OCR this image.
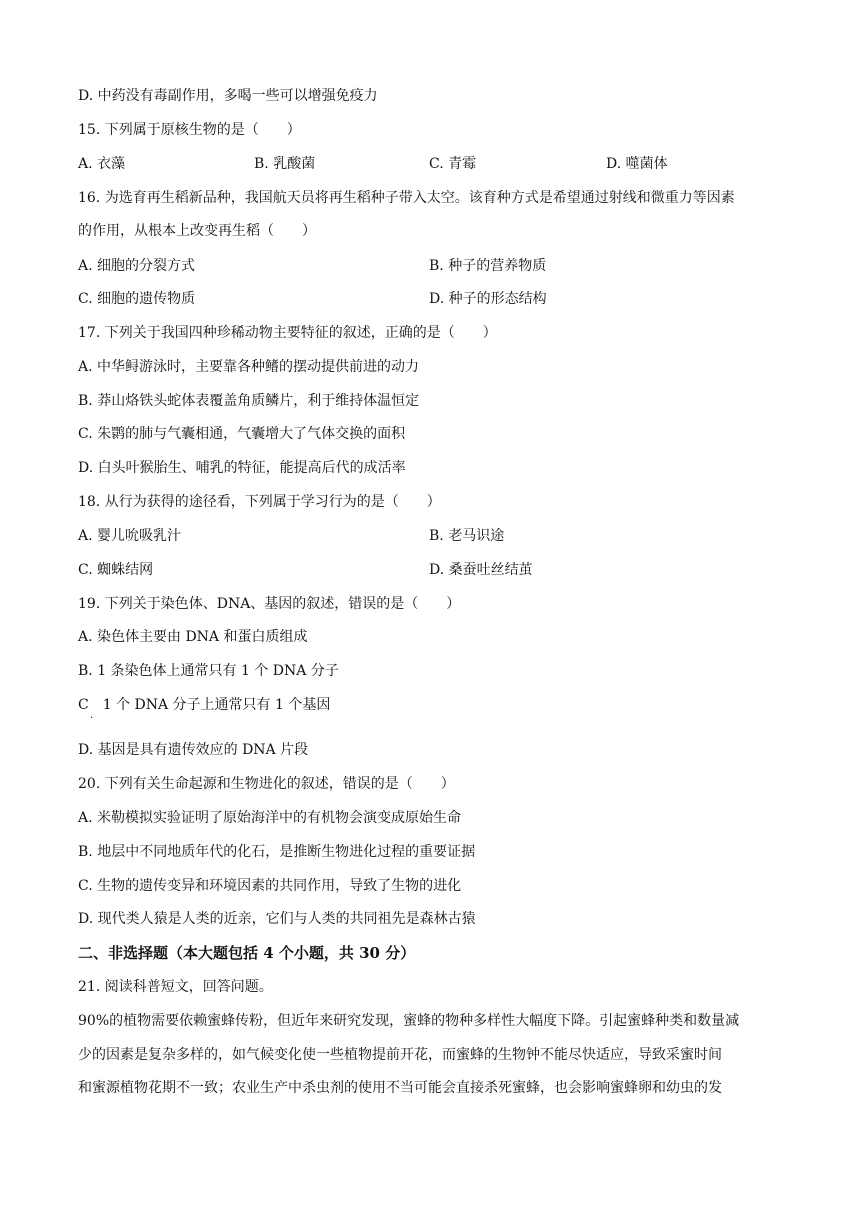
D. 中药没有毒副作用，多喝一些可以增强免疫力
15. 下列属于原核生物的是（　　）
A. 衣藻	B. 乳酸菌	C. 青霉	D. 噬菌体
16. 为选育再生稻新品种，我国航天员将再生稻种子带入太空。该育种方式是希望通过射线和微重力等因素
的作用，从根本上改变再生稻（　　）
A. 细胞的分裂方式	B. 种子的营养物质
C. 细胞的遗传物质	D. 种子的形态结构
17. 下列关于我国四种珍稀动物主要特征的叙述，正确的是（　　）
A. 中华鲟游泳时，主要靠各种鳍的摆动提供前进的动力
B. 莽山烙铁头蛇体表覆盖角质鳞片，利于维持体温恒定
C. 朱鹮的肺与气囊相通，气囊增大了气体交换的面积
D. 白头叶猴胎生、哺乳的特征，能提高后代的成活率
18. 从行为获得的途径看，下列属于学习行为的是（　　）
A. 婴儿吮吸乳汁	B. 老马识途
C. 蜘蛛结网	D. 桑蚕吐丝结茧
19. 下列关于染色体、DNA、基因的叙述，错误的是（　　）
A. 染色体主要由 DNA 和蛋白质组成
B. 1 条染色体上通常只有 1 个 DNA 分子
C　1 个 DNA 分子上通常只有 1 个基因
·
D. 基因是具有遗传效应的 DNA 片段
20. 下列有关生命起源和生物进化的叙述，错误的是（　　）
A. 米勒模拟实验证明了原始海洋中的有机物会演变成原始生命
B. 地层中不同地质年代的化石，是推断生物进化过程的重要证据
C. 生物的遗传变异和环境因素的共同作用，导致了生物的进化
D. 现代类人猿是人类的近亲，它们与人类的共同祖先是森林古猿
二、非选择题（本大题包括 4 个小题，共 30 分）
21. 阅读科普短文，回答问题。
90%的植物需要依赖蜜蜂传粉，但近年来研究发现，蜜蜂的物种多样性大幅度下降。引起蜜蜂种类和数量减
少的因素是复杂多样的，如气候变化使一些植物提前开花，而蜜蜂的生物钟不能尽快适应，导致采蜜时间
和蜜源植物花期不一致；农业生产中杀虫剂的使用不当可能会直接杀死蜜蜂，也会影响蜜蜂卵和幼虫的发
